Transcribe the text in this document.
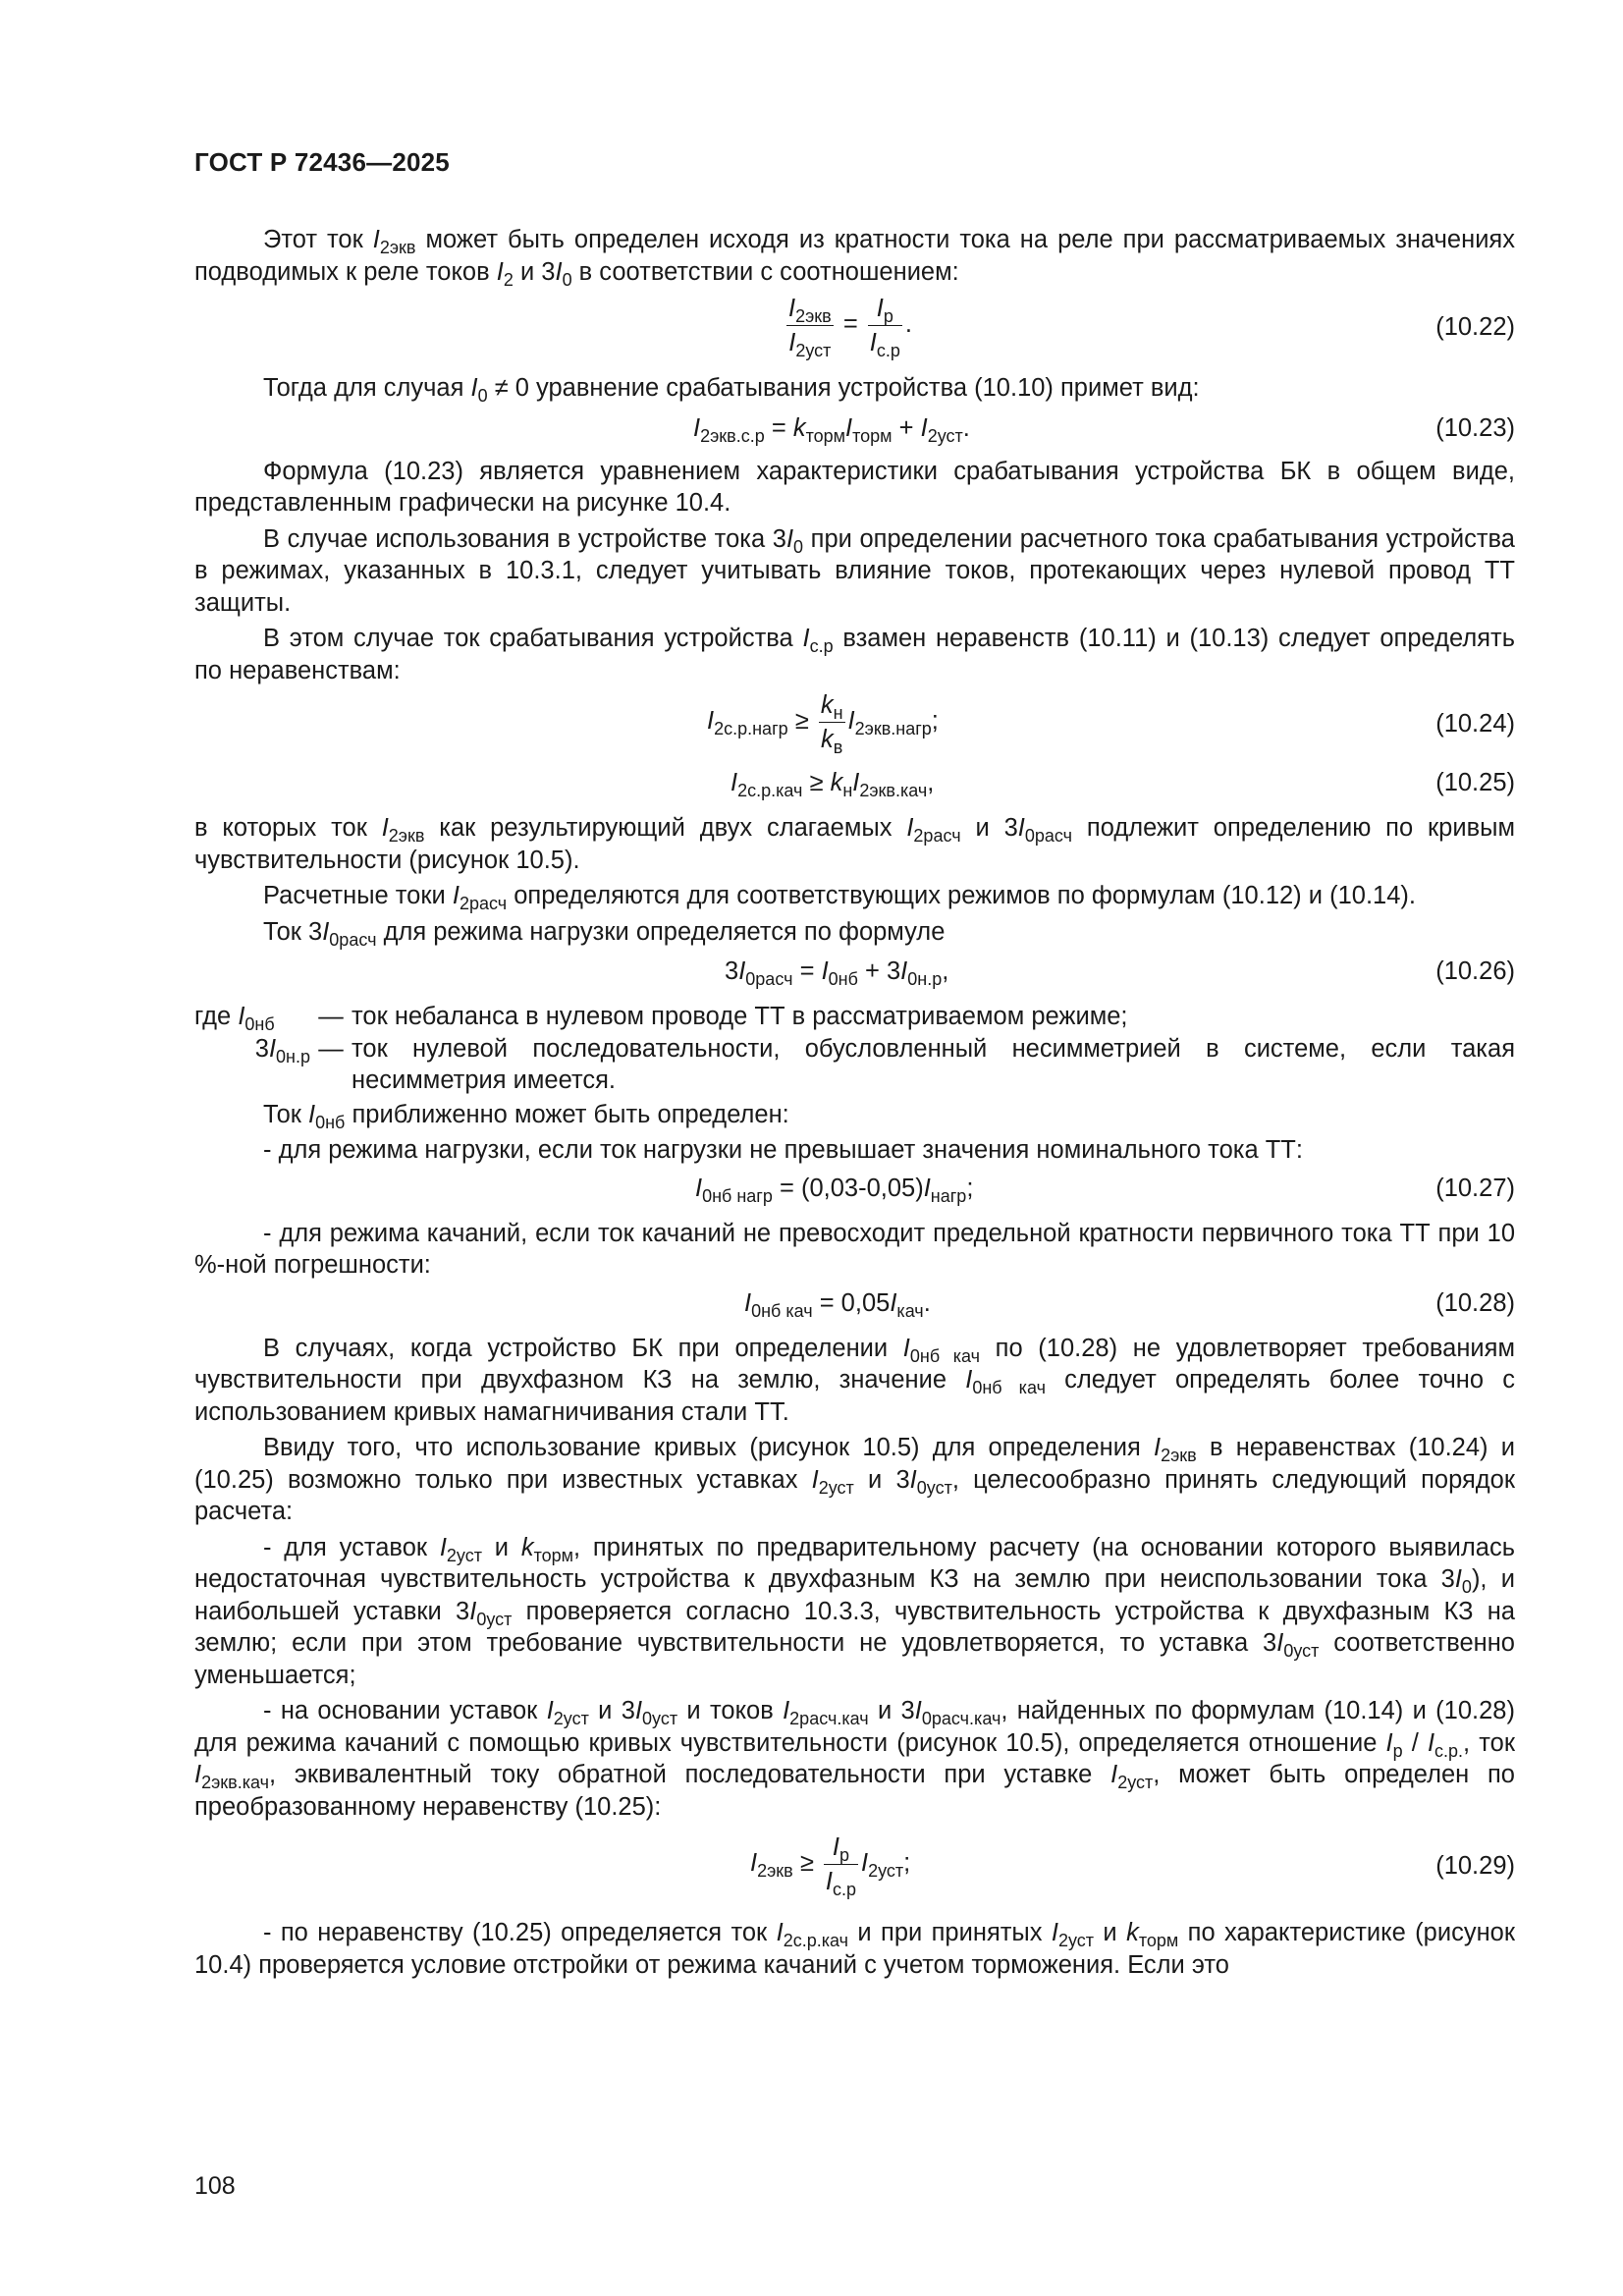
ГОСТ Р 72436—2025

Этот ток $I_{2экв}$ может быть определен исходя из кратности тока на реле при рассматриваемых значениях подводимых к реле токов $I_2$ и $3I_0$ в соответствии с соотношением:

$\frac{I_{2экв}}{I_{2уст}} = \frac{I_р}{I_{с.р}}$ .	(10.22)

Тогда для случая $I_0 \ne 0$ уравнение срабатывания устройства (10.10) примет вид:

$I_{2экв.с.р} = k_{торм}I_{торм} + I_{2уст}$.	(10.23)

Формула (10.23) является уравнением характеристики срабатывания устройства БК в общем виде, представленным графически на рисунке 10.4.

В случае использования в устройстве тока $3I_0$ при определении расчетного тока срабатывания устройства в режимах, указанных в 10.3.1, следует учитывать влияние токов, протекающих через нулевой провод ТТ защиты.

В этом случае ток срабатывания устройства $I_{с.р}$ взамен неравенств (10.11) и (10.13) следует определять по неравенствам:

$I_{2с.р.нагр} \ge \frac{k_н}{k_в} I_{2экв.нагр}$;	(10.24)
$I_{2с.р.кач} \ge k_нI_{2экв.кач}$,	(10.25)

в которых ток $I_{2экв}$ как результирующий двух слагаемых $I_{2расч}$ и $3I_{0расч}$ подлежит определению по кривым чувствительности (рисунок 10.5).

Расчетные токи $I_{2расч}$ определяются для соответствующих режимов по формулам (10.12) и (10.14).

Ток $3I_{0расч}$ для режима нагрузки определяется по формуле

$3I_{0расч} = I_{0нб} + 3I_{0н.р}$,	(10.26)
где $I_{0нб}$	— ток небаланса в нулевом проводе ТТ в рассматриваемом режиме;
$3I_{0н.р}$ — ток нулевой последовательности, обусловленный несимметрией в системе, если такая несимметрия имеется.

Ток $I_{0нб}$ приближенно может быть определен:

- для режима нагрузки, если ток нагрузки не превышает значения номинального тока ТТ:

$I_{0нб нагр} = (0,03-0,05)I_{нагр}$;	(10.27)

- для режима качаний, если ток качаний не превосходит предельной кратности первичного тока ТТ при 10 %-ной погрешности:

$I_{0нб кач} = 0,05I_{кач}$.	(10.28)

В случаях, когда устройство БК при определении $I_{0нб кач}$ по (10.28) не удовлетворяет требованиям чувствительности при двухфазном КЗ на землю, значение $I_{0нб кач}$ следует определять более точно с использованием кривых намагничивания стали ТТ.

Ввиду того, что использование кривых (рисунок 10.5) для определения $I_{2экв}$ в неравенствах (10.24) и (10.25) возможно только при известных уставках $I_{2уст}$ и $3I_{0уст}$, целесообразно принять следующий порядок расчета:

- для уставок $I_{2уст}$ и $k_{торм}$, принятых по предварительному расчету (на основании которого выявилась недостаточная чувствительность устройства к двухфазным КЗ на землю при неиспользовании тока $3I_0$), и наибольшей уставки $3I_{0уст}$ проверяется согласно 10.3.3, чувствительность устройства к двухфазным КЗ на землю; если при этом требование чувствительности не удовлетворяется, то уставка $3I_{0уст}$ соответственно уменьшается;

- на основании уставок $I_{2уст}$ и $3I_{0уст}$ и токов $I_{2расч.кач}$ и $3I_{0расч.кач}$, найденных по формулам (10.14) и (10.28) для режима качаний с помощью кривых чувствительности (рисунок 10.5), определяется отношение $I_р / I_{с.р.}$, ток $I_{2экв.кач}$, эквивалентный току обратной последовательности при уставке $I_{2уст}$, может быть определен по преобразованному неравенству (10.25):

$I_{2экв} \ge \frac{I_р}{I_{с.р}} I_{2уст}$;	(10.29)

- по неравенству (10.25) определяется ток $I_{2с.р.кач}$ и при принятых $I_{2уст}$ и $k_{торм}$ по характеристике (рисунок 10.4) проверяется условие отстройки от режима качаний с учетом торможения. Если это

108
